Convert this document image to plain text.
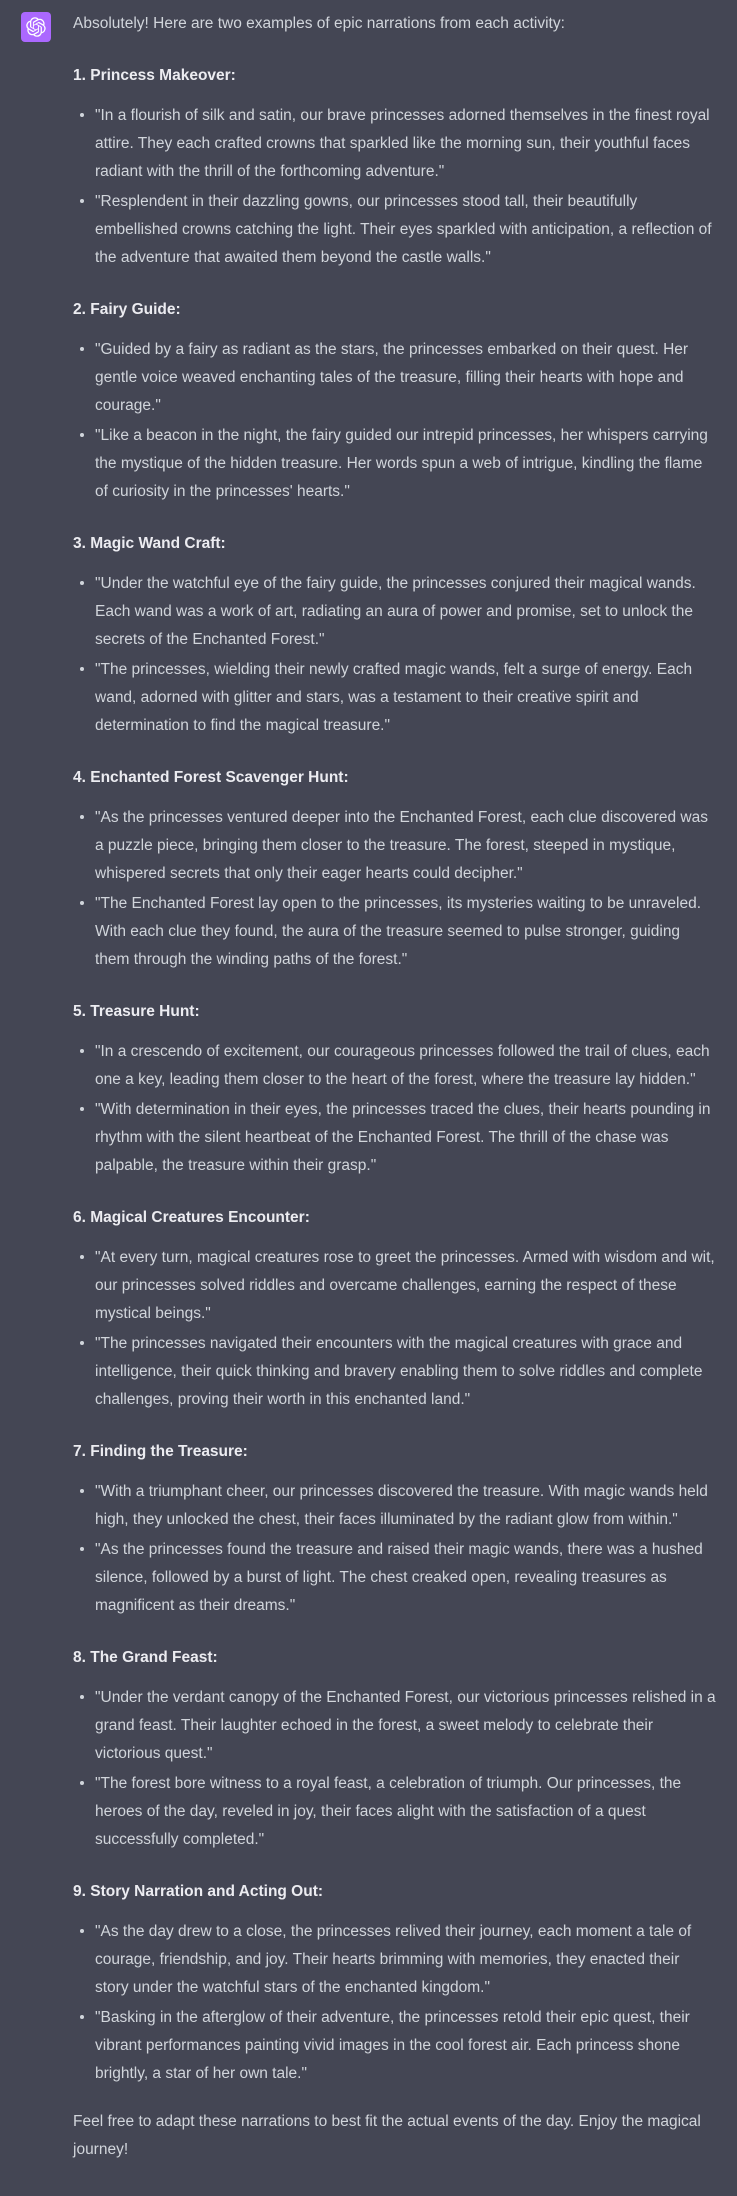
Absolutely! Here are two examples of epic narrations from each activity:

1. Princess Makeover:
"In a flourish of silk and satin, our brave princesses adorned themselves in the finest royal attire. They each crafted crowns that sparkled like the morning sun, their youthful faces radiant with the thrill of the forthcoming adventure."
"Resplendent in their dazzling gowns, our princesses stood tall, their beautifully embellished crowns catching the light. Their eyes sparkled with anticipation, a reflection of the adventure that awaited them beyond the castle walls."
2. Fairy Guide:
"Guided by a fairy as radiant as the stars, the princesses embarked on their quest. Her gentle voice weaved enchanting tales of the treasure, filling their hearts with hope and courage."
"Like a beacon in the night, the fairy guided our intrepid princesses, her whispers carrying the mystique of the hidden treasure. Her words spun a web of intrigue, kindling the flame of curiosity in the princesses' hearts."
3. Magic Wand Craft:
"Under the watchful eye of the fairy guide, the princesses conjured their magical wands. Each wand was a work of art, radiating an aura of power and promise, set to unlock the secrets of the Enchanted Forest."
"The princesses, wielding their newly crafted magic wands, felt a surge of energy. Each wand, adorned with glitter and stars, was a testament to their creative spirit and determination to find the magical treasure."
4. Enchanted Forest Scavenger Hunt:
"As the princesses ventured deeper into the Enchanted Forest, each clue discovered was a puzzle piece, bringing them closer to the treasure. The forest, steeped in mystique, whispered secrets that only their eager hearts could decipher."
"The Enchanted Forest lay open to the princesses, its mysteries waiting to be unraveled. With each clue they found, the aura of the treasure seemed to pulse stronger, guiding them through the winding paths of the forest."
5. Treasure Hunt:
"In a crescendo of excitement, our courageous princesses followed the trail of clues, each one a key, leading them closer to the heart of the forest, where the treasure lay hidden."
"With determination in their eyes, the princesses traced the clues, their hearts pounding in rhythm with the silent heartbeat of the Enchanted Forest. The thrill of the chase was palpable, the treasure within their grasp."
6. Magical Creatures Encounter:
"At every turn, magical creatures rose to greet the princesses. Armed with wisdom and wit, our princesses solved riddles and overcame challenges, earning the respect of these mystical beings."
"The princesses navigated their encounters with the magical creatures with grace and intelligence, their quick thinking and bravery enabling them to solve riddles and complete challenges, proving their worth in this enchanted land."
7. Finding the Treasure:
"With a triumphant cheer, our princesses discovered the treasure. With magic wands held high, they unlocked the chest, their faces illuminated by the radiant glow from within."
"As the princesses found the treasure and raised their magic wands, there was a hushed silence, followed by a burst of light. The chest creaked open, revealing treasures as magnificent as their dreams."
8. The Grand Feast:
"Under the verdant canopy of the Enchanted Forest, our victorious princesses relished in a grand feast. Their laughter echoed in the forest, a sweet melody to celebrate their victorious quest."
"The forest bore witness to a royal feast, a celebration of triumph. Our princesses, the heroes of the day, reveled in joy, their faces alight with the satisfaction of a quest successfully completed."
9. Story Narration and Acting Out:
"As the day drew to a close, the princesses relived their journey, each moment a tale of courage, friendship, and joy. Their hearts brimming with memories, they enacted their story under the watchful stars of the enchanted kingdom."
"Basking in the afterglow of their adventure, the princesses retold their epic quest, their vibrant performances painting vivid images in the cool forest air. Each princess shone brightly, a star of her own tale."

Feel free to adapt these narrations to best fit the actual events of the day. Enjoy the magical journey!
